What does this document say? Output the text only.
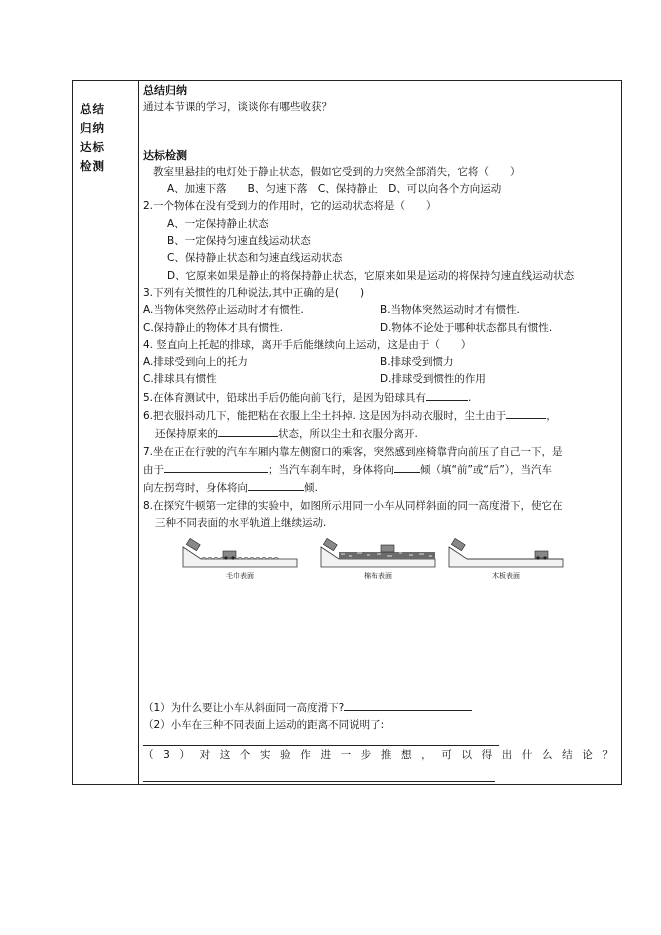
总结
归纳
达标
检测
总结归纳
通过本节课的学习，谈谈你有哪些收获？
达标检测
教室里悬挂的电灯处于静止状态，假如它受到的力突然全部消失，它将（　　）
A、加速下落　　B、匀速下落　C、保持静止　D、可以向各个方向运动
2.一个物体在没有受到力的作用时，它的运动状态将是（　　）
A、一定保持静止状态
B、一定保持匀速直线运动状态
C、保持静止状态和匀速直线运动状态
D、它原来如果是静止的将保持静止状态，它原来如果是运动的将保持匀速直线运动状态
3.下列有关惯性的几种说法,其中正确的是(　　)
A.当物体突然停止运动时才有惯性.	B.当物体突然运动时才有惯性.
C.保持静止的物体才具有惯性.	D.物体不论处于哪种状态都具有惯性.
4. 竖直向上托起的排球，离开手后能继续向上运动，这是由于（　　）
A.排球受到向上的托力	B.排球受到惯力
C.排球具有惯性	D.排球受到惯性的作用
5.在体育测试中，铅球出手后仍能向前飞行，是因为铅球具有	.
6.把衣服抖动几下，能把粘在衣服上尘土抖掉. 这是因为抖动衣服时，尘土由于	，
还保持原来的	状态，所以尘土和衣服分离开.
7.坐在正在行驶的汽车车厢内靠左侧窗口的乘客，突然感到座椅靠背向前压了自己一下，是
由于	；当汽车刹车时，身体将向 倾（填“前”或“后”），当汽车
向左拐弯时，身体将向	倾.
8.在探究牛顿第一定律的实验中，如图所示用同一小车从同样斜面的同一高度滑下，使它在
三种不同表面的水平轨道上继续运动.
毛巾表面	棉布表面	木板表面
（1）为什么要让小车从斜面同一高度滑下?
（2）小车在三种不同表面上运动的距离不同说明了:
（ 3 ） 对 这 个 实 验 作 进 一 步 推 想 ， 可 以 得 出 什 么 结 论 ？
